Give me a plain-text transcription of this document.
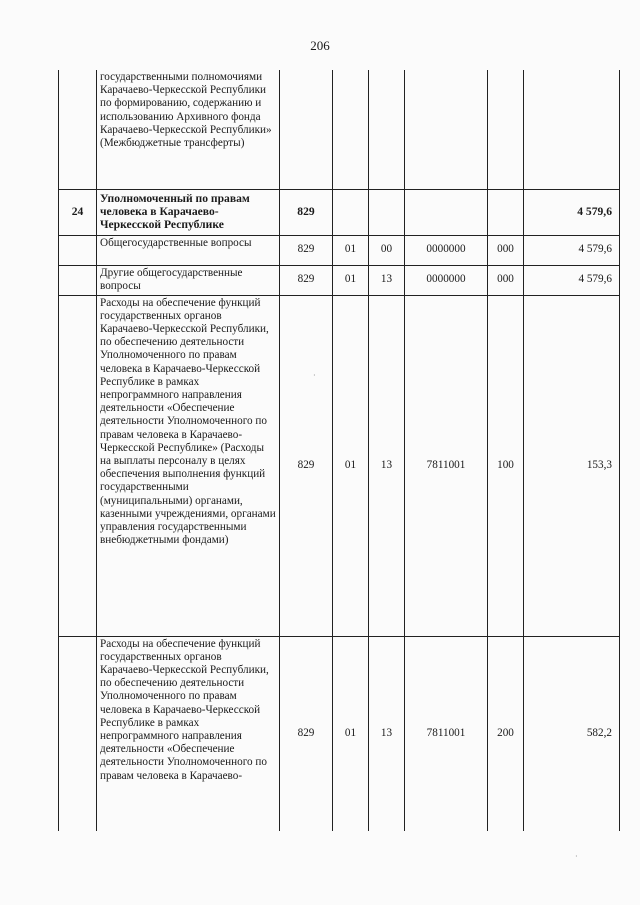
206
	государственными полномочиями Карачаево-Черкесской Республики по формированию, содержанию и использованию Архивного фонда Карачаево-Черкесской Республики» (Межбюджетные трансферты)						
24	Уполномоченный по правам человека в Карачаево-Черкесской Республике	829					4 579,6
	Общегосударственные вопросы	829	01	00	0000000	000	4 579,6
	Другие общегосударственные вопросы	829	01	13	0000000	000	4 579,6
	Расходы на обеспечение функций государственных органов Карачаево-Черкесской Республики, по обеспечению деятельности Уполномоченного по правам человека в Карачаево-Черкесской Республике в рамках непрограммного направления деятельности «Обеспечение деятельности Уполномоченного по правам человека в Карачаево-Черкесской Республике» (Расходы на выплаты персоналу в целях обеспечения выполнения функций государственными (муниципальными) органами, казенными учреждениями, органами управления государственными внебюджетными фондами)	829	01	13	7811001	100	153,3
	Расходы на обеспечение функций государственных органов Карачаево-Черкесской Республики, по обеспечению деятельности Уполномоченного по правам человека в Карачаево-Черкесской Республике в рамках непрограммного направления деятельности «Обеспечение деятельности Уполномоченного по правам человека в Карачаево-	829	01	13	7811001	200	582,2
·
·
